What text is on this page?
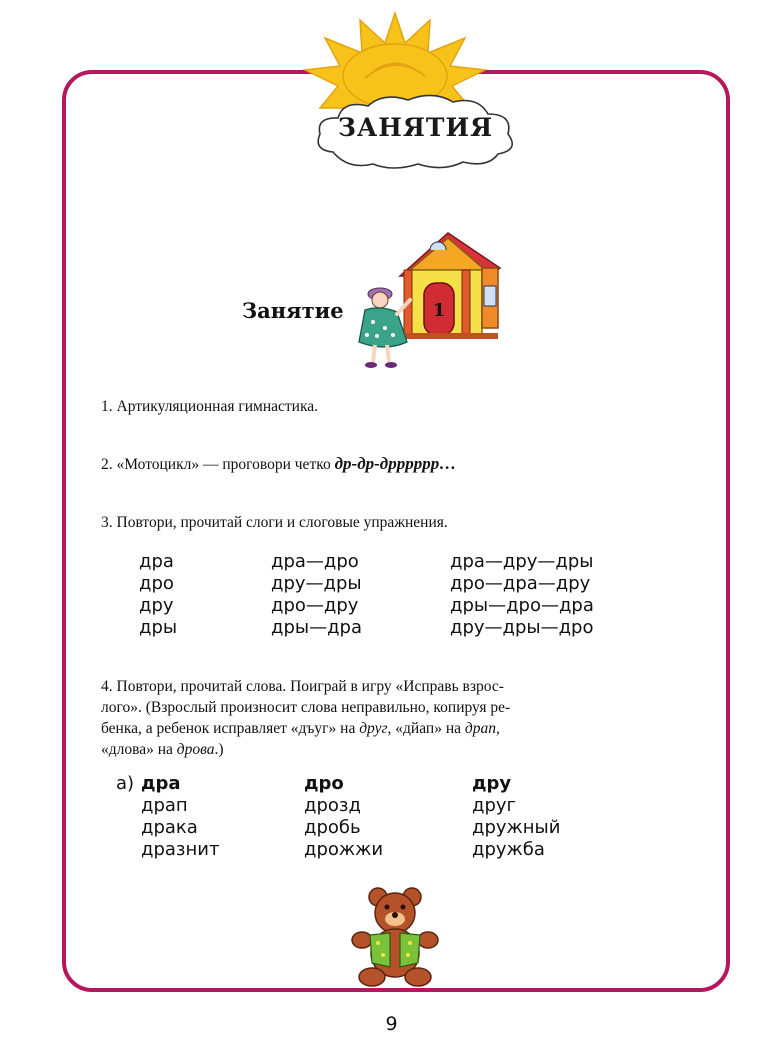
ЗАНЯТИЯ
Занятие	1
1. Артикуляционная гимнастика.
2. «Мотоцикл» — проговори четко др-др-дрррррр…
3. Повтори, прочитай слоги и слоговые упражнения.
дра
дро
дру
дры
дра—дро
дру—дры
дро—дру
дры—дра
дра—дру—дры
дро—дра—дру
дры—дро—дра
дру—дры—дро
4. Повтори, прочитай слова. Поиграй в игру «Исправь взрос-
лого». (Взрослый произносит слова неправильно, копируя ре-
бенка, а ребенок исправляет «дъуг» на друг, «дйап» на драп,
«длова» на дрова.)
а) дра
драп
драка
дразнит
дро
дрозд
дробь
дрожжи
дру
друг
дружный
дружба
9
